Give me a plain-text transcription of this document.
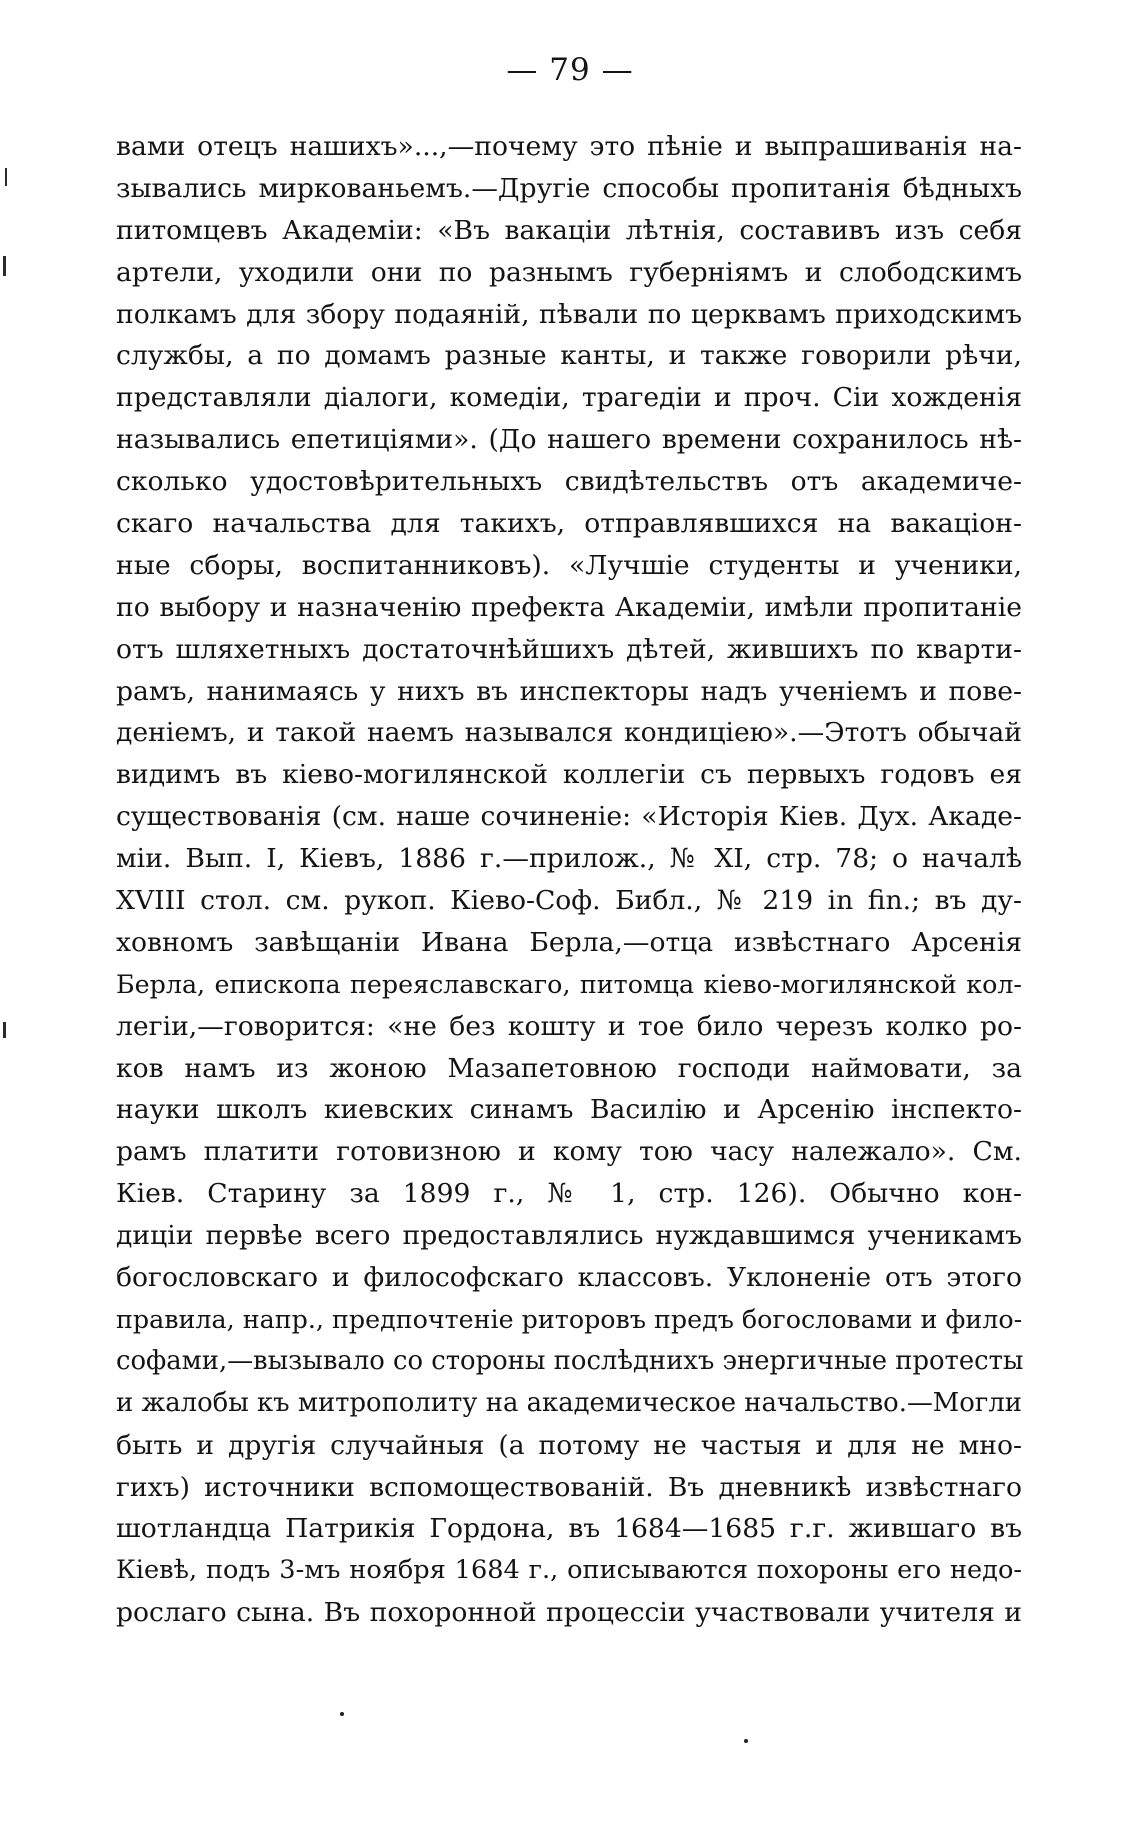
— 79 —
вами отецъ нашихъ»...,—почему это пѣніе и выпрашиванія на-
зывались мирковaньемъ.—Другіе способы пропитанія бѣдныхъ
питомцевъ Академіи: «Въ вакаціи лѣтнія, составивъ изъ себя
артели, уходили они по разнымъ губерніямъ и слободскимъ
полкамъ для збору подаяній, пѣвали по церквамъ приходскимъ
службы, а по домамъ разные канты, и также говорили рѣчи,
представляли діалоги, комедіи, трагедіи и проч. Сіи хожденія
назывались епетиціями». (До нашего времени сохранилось нѣ-
сколько удостовѣрительныхъ свидѣтельствъ отъ академиче-
скаго начальства для такихъ, отправлявшихся на вакаціон-
ные сборы, воспитанниковъ). «Лучшіе студенты и ученики,
по выбору и назначенію префекта Академіи, имѣли пропитаніе
отъ шляхетныхъ достаточнѣйшихъ дѣтей, жившихъ по кварти-
рамъ, нанимаясь у нихъ въ инспекторы надъ ученіемъ и пове-
деніемъ, и такой наемъ назывался кондиціею».—Этотъ обычай
видимъ въ кіево-могилянской коллегіи съ первыхъ годовъ ея
существованія (см. наше сочиненіе: «Исторія Кіев. Дух. Акаде-
міи. Вып. I, Кіевъ, 1886 г.—прилож., № XI, стр. 78; о началѣ
XVIII стол. см. рукоп. Кіево-Соф. Библ., № 219 in fin.; въ ду-
ховномъ завѣщаніи Ивана Берла,—отца извѣстнаго Арсенія
Берла, епископа переяславскаго, питомца кіево-могилянской кол-
легіи,—говорится: «не без кошту и тое било черезъ колко ро-
ков намъ из жоною Мазапетовною господи наймовати, за
науки школъ киевских синамъ Василію и Арсенію інспекто-
рамъ платити готовизною и кому тою часу належало». См.
Кіев. Старину за 1899 г., № 1, стр. 126). Обычно кон-
диціи первѣе всего предоставлялись нуждавшимся ученикамъ
богословскаго и философскаго классовъ. Уклоненіе отъ этого
правила, напр., предпочтеніе риторовъ предъ богословами и фило-
софами,—вызывало со стороны послѣднихъ энергичные протесты
и жалобы къ митрополиту на академическое начальство.—Могли
быть и другія случайныя (а потому не частыя и для не мно-
гихъ) источники вспомоществованій. Въ дневникѣ извѣстнаго
шотландца Патрикія Гордона, въ 1684—1685 г.г. жившаго въ
Кіевѣ, подъ 3-мъ ноября 1684 г., описываются похороны его недо-
рослаго сына. Въ похоронной процессіи участвовали учителя и
